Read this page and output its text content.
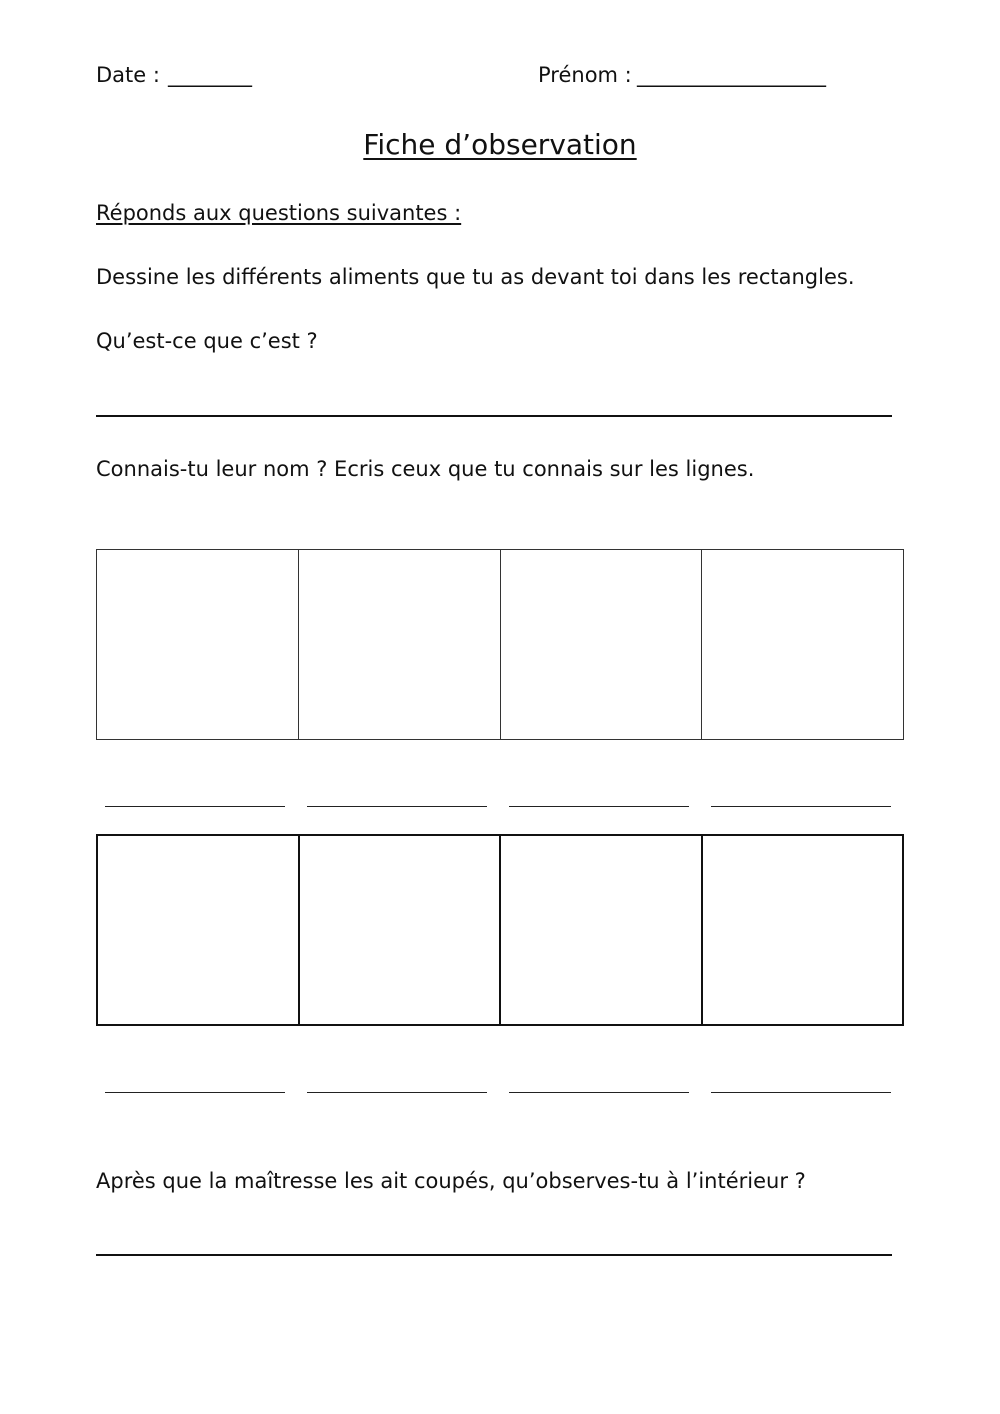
Date : ________	Prénom : __________________
Fiche d’observation
Réponds aux questions suivantes :
Dessine les différents aliments que tu as devant toi dans les rectangles.
Qu’est-ce que c’est ?
Connais-tu leur nom ? Ecris ceux que tu connais sur les lignes.
Après que la maîtresse les ait coupés, qu’observes-tu à l’intérieur ?
